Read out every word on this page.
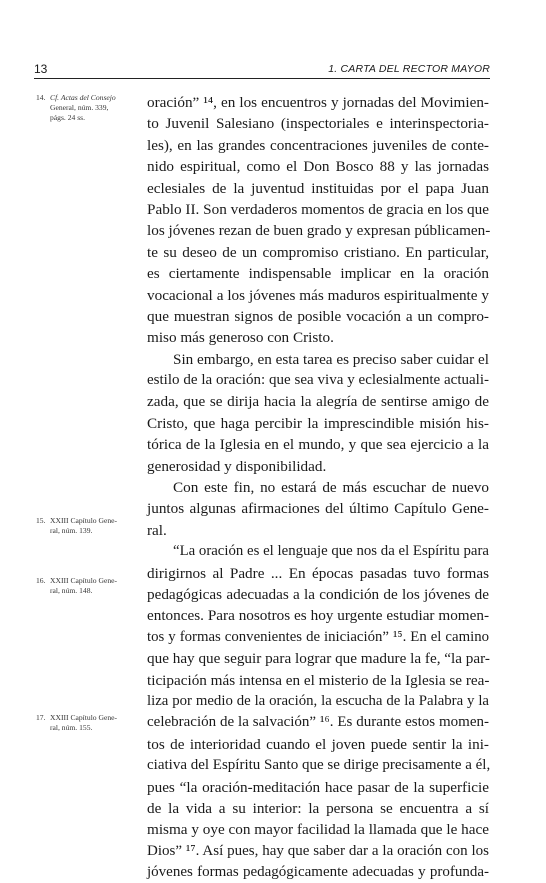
13	1. CARTA DEL RECTOR MAYOR
14. Cf. Actas del Consejo
General, núm. 339,
págs. 24 ss.
15. XXIII Capítulo Gene-
ral, núm. 139.
16. XXIII Capítulo Gene-
ral, núm. 148.
17. XXIII Capítulo Gene-
ral, núm. 155.
oración” ¹⁴, en los encuentros y jornadas del Movimien-
to Juvenil Salesiano (inspectoriales e interinspectoria-
les), en las grandes concentraciones juveniles de conte-
nido espiritual, como el Don Bosco 88 y las jornadas
eclesiales de la juventud instituidas por el papa Juan
Pablo II. Son verdaderos momentos de gracia en los que
los jóvenes rezan de buen grado y expresan públicamen-
te su deseo de un compromiso cristiano. En particular,
es ciertamente indispensable implicar en la oración
vocacional a los jóvenes más maduros espiritualmente y
que muestran signos de posible vocación a un compro-
miso más generoso con Cristo.
Sin embargo, en esta tarea es preciso saber cuidar el
estilo de la oración: que sea viva y eclesialmente actuali-
zada, que se dirija hacia la alegría de sentirse amigo de
Cristo, que haga percibir la imprescindible misión his-
tórica de la Iglesia en el mundo, y que sea ejercicio a la
generosidad y disponibilidad.
Con este fin, no estará de más escuchar de nuevo
juntos algunas afirmaciones del último Capítulo Gene-
ral.
“La oración es el lenguaje que nos da el Espíritu para
dirigirnos al Padre ... En épocas pasadas tuvo formas
pedagógicas adecuadas a la condición de los jóvenes de
entonces. Para nosotros es hoy urgente estudiar momen-
tos y formas convenientes de iniciación” ¹⁵. En el camino
que hay que seguir para lograr que madure la fe, “la par-
ticipación más intensa en el misterio de la Iglesia se rea-
liza por medio de la oración, la escucha de la Palabra y la
celebración de la salvación” ¹⁶. Es durante estos momen-
tos de interioridad cuando el joven puede sentir la ini-
ciativa del Espíritu Santo que se dirige precisamente a él,
pues “la oración-meditación hace pasar de la superficie
de la vida a su interior: la persona se encuentra a sí
misma y oye con mayor facilidad la llamada que le hace
Dios” ¹⁷. Así pues, hay que saber dar a la oración con los
jóvenes formas pedagógicamente adecuadas y profunda-
